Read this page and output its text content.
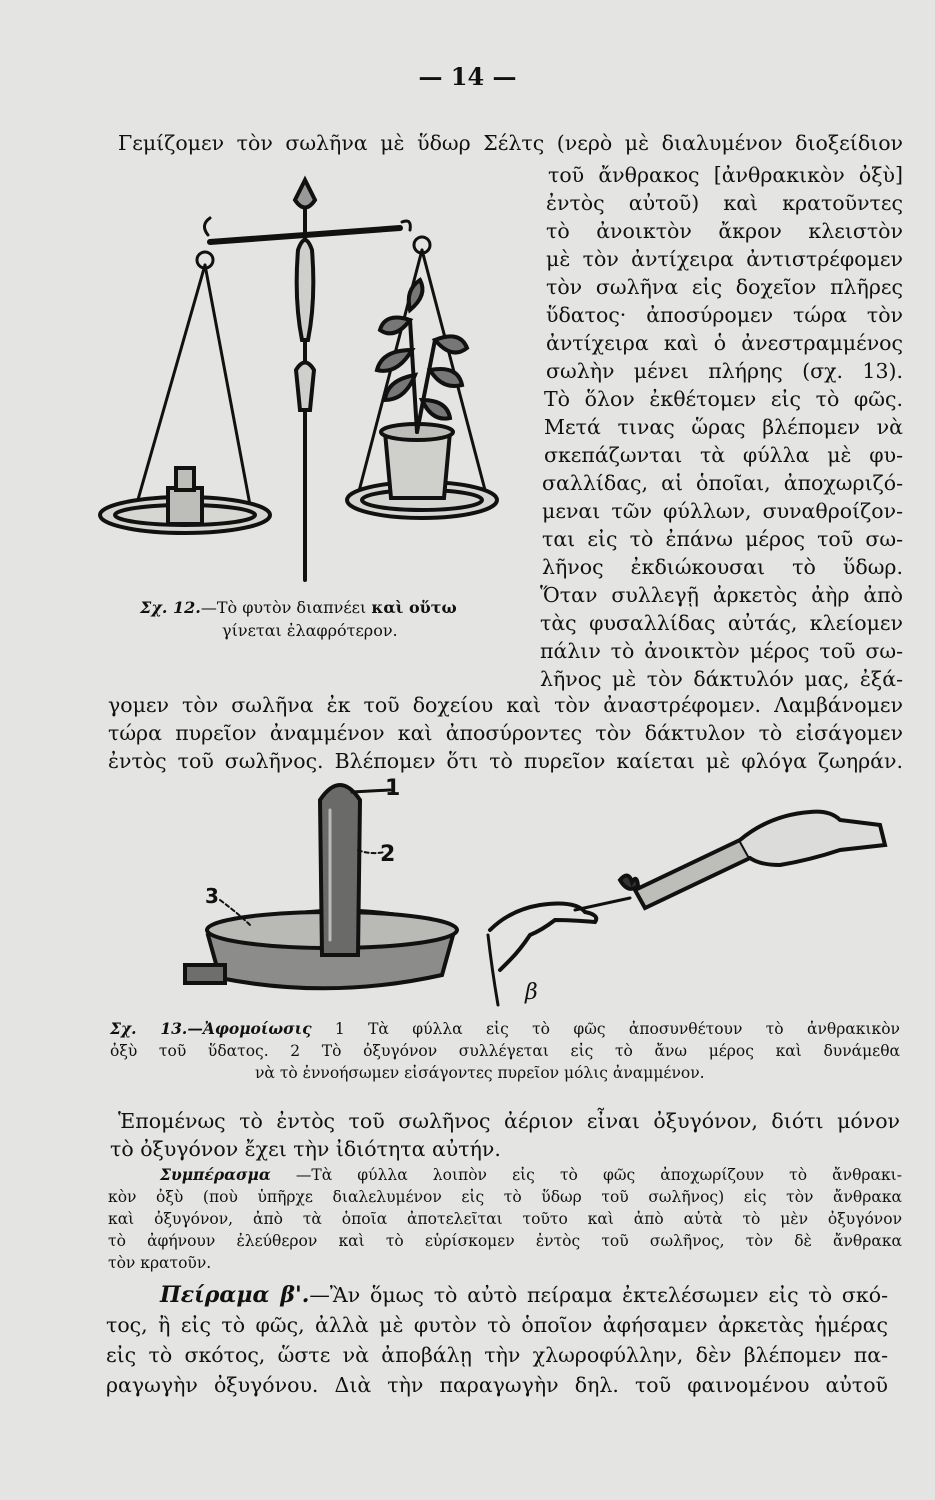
— 14 —
Γεμίζομεν τὸν σωλῆνα μὲ ὕδωρ Σέλτς (νερὸ μὲ διαλυμένον διοξείδιον
τοῦ ἄνθρακος [ἀνθρακικὸν ὀξὺ]
ἐντὸς αὐτοῦ) καὶ κρατοῦντες
τὸ ἀνοικτὸν ἄκρον κλειστὸν
μὲ τὸν ἀντίχειρα ἀντιστρέφομεν
τὸν σωλῆνα εἰς δοχεῖον πλῆρες
ὕδατος· ἀποσύρομεν τώρα τὸν
ἀντίχειρα καὶ ὁ ἀνεστραμμένος
σωλὴν μένει πλήρης (σχ. 13).
Τὸ ὅλον ἐκθέτομεν εἰς τὸ φῶς.
Μετά τινας ὥρας βλέπομεν νὰ
σκεπάζωνται τὰ φύλλα μὲ φυ-
σαλλίδας, αἱ ὁποῖαι, ἀποχωριζό-
μεναι τῶν φύλλων, συναθροίζον-
ται εἰς τὸ ἐπάνω μέρος τοῦ σω-
λῆνος ἐκδιώκουσαι τὸ ὕδωρ.
Ὅταν συλλεγῇ ἀρκετὸς ἀὴρ ἀπὸ
τὰς φυσαλλίδας αὐτάς, κλείομεν
πάλιν τὸ ἀνοικτὸν μέρος τοῦ σω-
λῆνος μὲ τὸν δάκτυλόν μας, ἐξά-
γομεν τὸν σωλῆνα ἐκ τοῦ δοχείου καὶ τὸν ἀναστρέφομεν. Λαμβάνομεν
τώρα πυρεῖον ἀναμμένον καὶ ἀποσύροντες τὸν δάκτυλον τὸ εἰσάγομεν
ἐντὸς τοῦ σωλῆνος. Βλέπομεν ὅτι τὸ πυρεῖον καίεται μὲ φλόγα ζωηράν.
Σχ. 12.—Τὸ φυτὸν διαπνέει καὶ οὕτω
γίνεται ἐλαφρότερον.
1
2
3
β
Σχ. 13.—Ἀφομοίωσις 1 Τὰ φύλλα εἰς τὸ φῶς ἀποσυνθέτουν τὸ ἀνθρακικὸν
ὀξὺ τοῦ ὕδατος. 2 Τὸ ὀξυγόνον συλλέγεται εἰς τὸ ἄνω μέρος καὶ δυνάμεθα
νὰ τὸ ἐννοήσωμεν εἰσάγοντες πυρεῖον μόλις ἀναμμένον.
Ἑπομένως τὸ ἐντὸς τοῦ σωλῆνος ἀέριον εἶναι ὀξυγόνον, διότι μόνον
τὸ ὀξυγόνον ἔχει τὴν ἰδιότητα αὐτήν.
Συμπέρασμα —Τὰ φύλλα λοιπὸν εἰς τὸ φῶς ἀποχωρίζουν τὸ ἄνθρακι-
κὸν ὀξὺ (ποὺ ὑπῆρχε διαλελυμένον εἰς τὸ ὕδωρ τοῦ σωλῆνος) εἰς τὸν ἄνθρακα
καὶ ὀξυγόνον, ἀπὸ τὰ ὁποῖα ἀποτελεῖται τοῦτο καὶ ἀπὸ αὐτὰ τὸ μὲν ὀξυγόνον
τὸ ἀφήνουν ἐλεύθερον καὶ τὸ εὑρίσκομεν ἐντὸς τοῦ σωλῆνος, τὸν δὲ ἄνθρακα
τὸν κρατοῦν.
Πείραμα β'.—Ἂν ὅμως τὸ αὐτὸ πείραμα ἐκτελέσωμεν εἰς τὸ σκό-
τος, ἢ εἰς τὸ φῶς, ἀλλὰ μὲ φυτὸν τὸ ὁποῖον ἀφήσαμεν ἀρκετὰς ἡμέρας
εἰς τὸ σκότος, ὥστε νὰ ἀποβάλῃ τὴν χλωροφύλλην, δὲν βλέπομεν πα-
ραγωγὴν ὀξυγόνου. Διὰ τὴν παραγωγὴν δηλ. τοῦ φαινομένου αὐτοῦ
